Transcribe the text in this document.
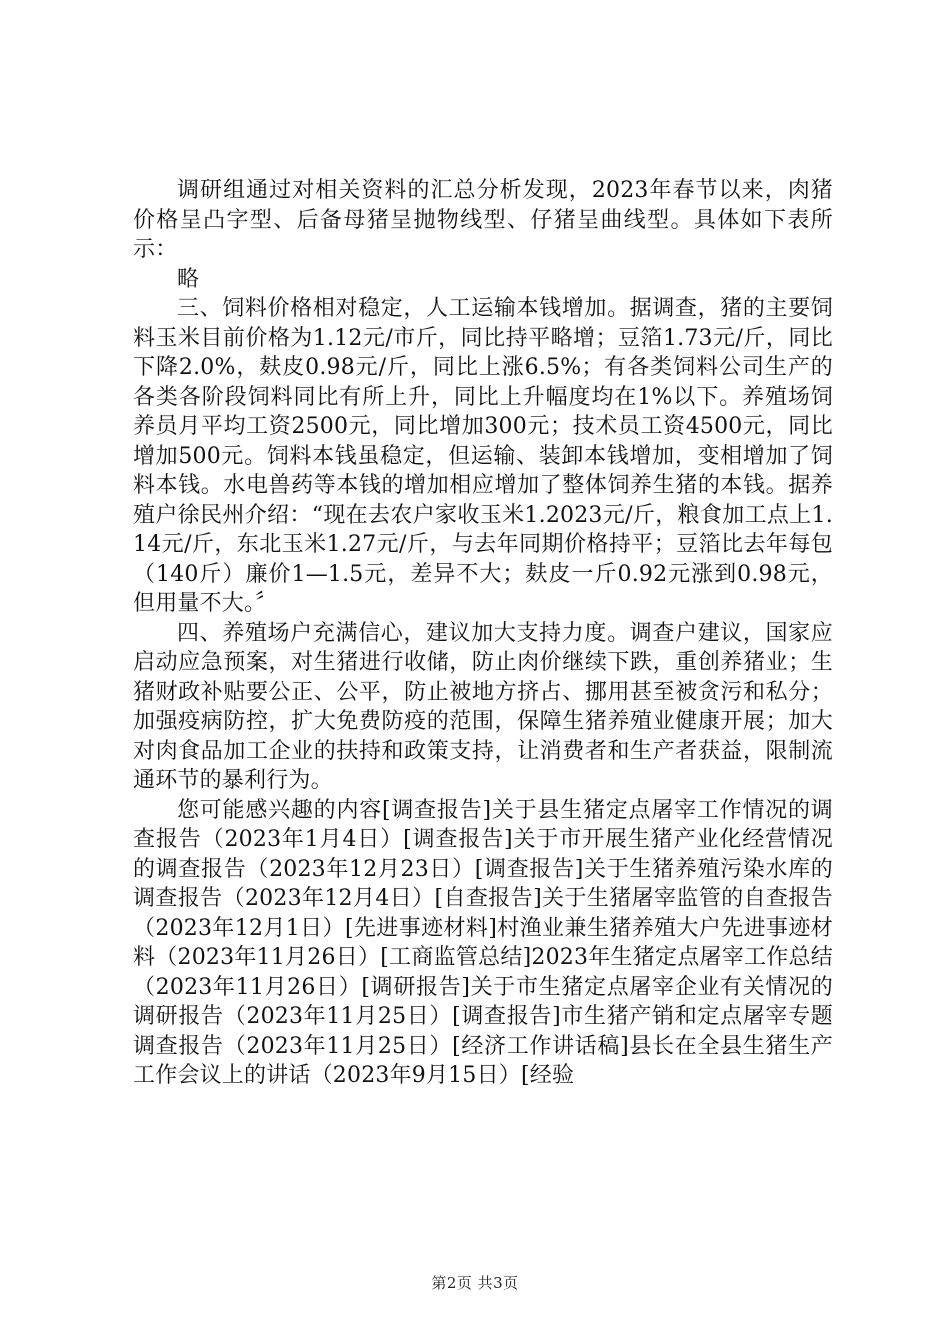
调研组通过对相关资料的汇总分析发现，2023年春节以来，肉猪价格呈凸字型、后备母猪呈抛物线型、仔猪呈曲线型。具体如下表所示：

略

三、饲料价格相对稳定，人工运输本钱增加。据调查，猪的主要饲料玉米目前价格为1.12元/市斤，同比持平略增；豆箔1.73元/斤，同比下降2.0%，麸皮0.98元/斤，同比上涨6.5%；有各类饲料公司生产的各类各阶段饲料同比有所上升，同比上升幅度均在1%以下。养殖场饲养员月平均工资2500元，同比增加300元；技术员工资4500元，同比增加500元。饲料本钱虽稳定，但运输、装卸本钱增加，变相增加了饲料本钱。水电兽药等本钱的增加相应增加了整体饲养生猪的本钱。据养殖户徐民州介绍：“现在去农户家收玉米1.2023元/斤，粮食加工点上1.14元/斤，东北玉米1.27元/斤，与去年同期价格持平；豆箔比去年每包（140斤）廉价1—1.5元，差异不大；麸皮一斤0.92元涨到0.98元，但用量不大。〞

四、养殖场户充满信心，建议加大支持力度。调查户建议，国家应启动应急预案，对生猪进行收储，防止肉价继续下跌，重创养猪业；生猪财政补贴要公正、公平，防止被地方挤占、挪用甚至被贪污和私分；加强疫病防控，扩大免费防疫的范围，保障生猪养殖业健康开展；加大对肉食品加工企业的扶持和政策支持，让消费者和生产者获益，限制流通环节的暴利行为。

您可能感兴趣的内容[调查报告]关于县生猪定点屠宰工作情况的调查报告（2023年1月4日）[调查报告]关于市开展生猪产业化经营情况的调查报告（2023年12月23日）[调查报告]关于生猪养殖污染水库的调查报告（2023年12月4日）[自查报告]关于生猪屠宰监管的自查报告（2023年12月1日）[先进事迹材料]村渔业兼生猪养殖大户先进事迹材料（2023年11月26日）[工商监管总结]2023年生猪定点屠宰工作总结（2023年11月26日）[调研报告]关于市生猪定点屠宰企业有关情况的调研报告（2023年11月25日）[调查报告]市生猪产销和定点屠宰专题调查报告（2023年11月25日）[经济工作讲话稿]县长在全县生猪生产工作会议上的讲话（2023年9月15日）[经验

第2页 共3页
